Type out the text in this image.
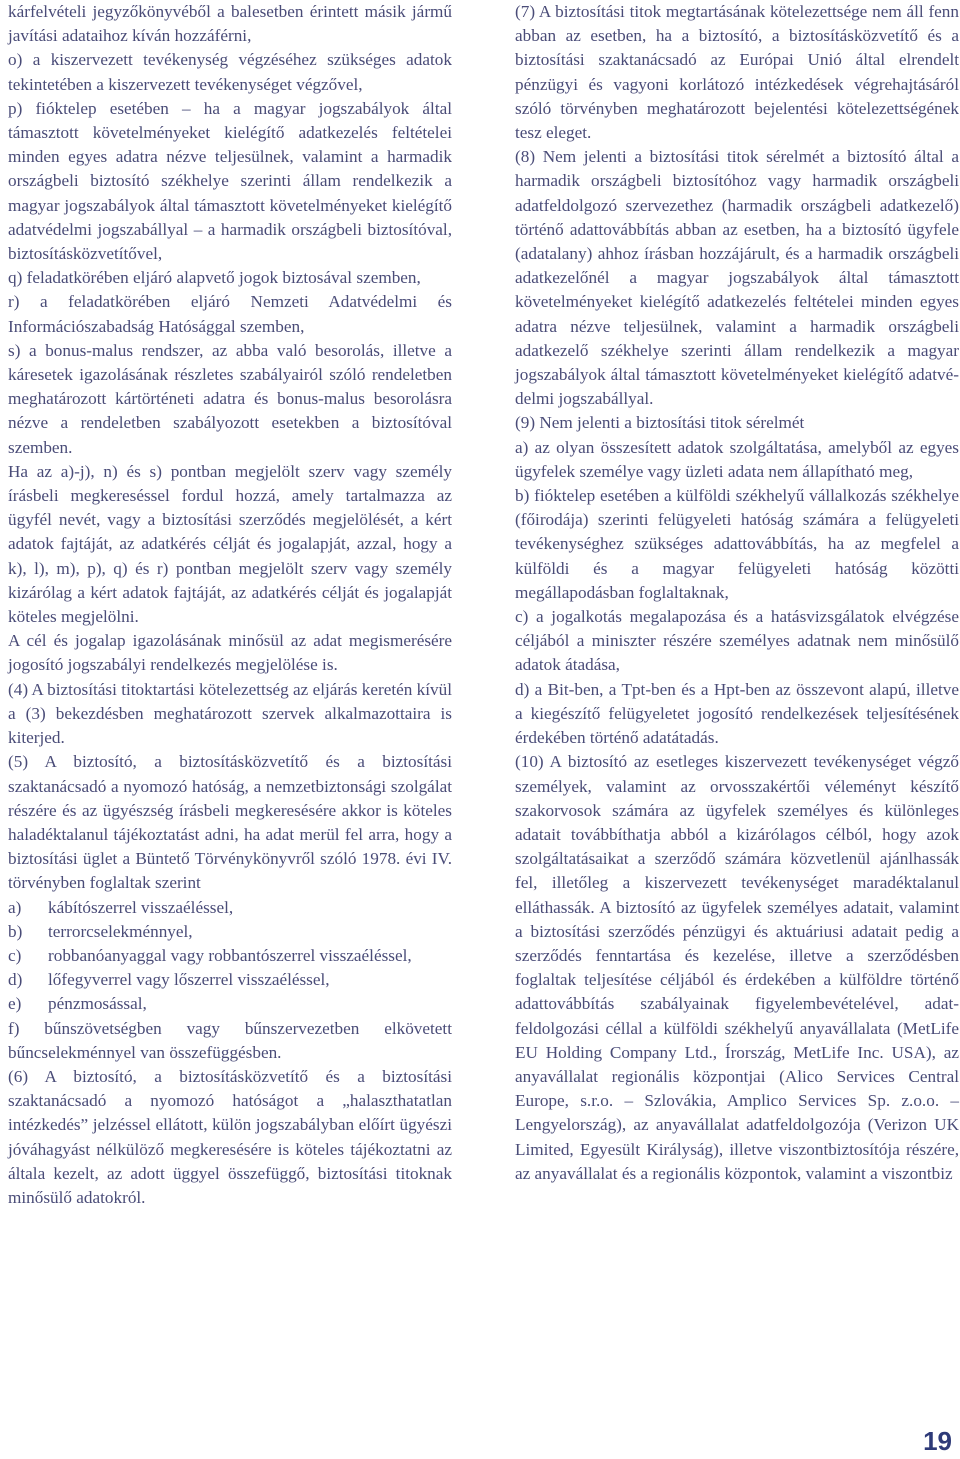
kárfelvételi jegyzőkönyvéből a balesetben érintett másik jármű javítási adataihoz kíván hozzáférni,

o) a kiszervezett tevékenység végzéséhez szükséges adatok tekintetében a kiszervezett tevékenységet végzővel,

p) fióktelep esetében – ha a magyar jogszabályok által támasztott követelményeket kielégítő adatkezelés feltételei minden egyes adatra nézve teljesülnek, valamint a harmadik országbeli biztosító székhelye szerinti állam rendelkezik a magyar jogszabályok által támasztott követelményeket kielégítő adatvédelmi jogszabállyal – a harmadik országbeli biztosítóval, biztosításközvetítővel,

q) feladatkörében eljáró alapvető jogok biztosával szemben,

r) a feladatkörében eljáró Nemzeti Adatvédelmi és Információszabadság Hatósággal szemben,

s) a bonus-malus rendszer, az abba való besorolás, illetve a káresetek igazolásának részletes szabályairól szóló rendeletben meghatározott kártörténeti adatra és bonus-malus besorolásra nézve a rendeletben szabályozott esetekben a biztosítóval szemben.

Ha az a)-j), n) és s) pontban megjelölt szerv vagy személy írásbeli megkereséssel fordul hozzá, amely tartalmazza az ügyfél nevét, vagy a biztosítási szerződés megjelölését, a kért adatok fajtáját, az adatkérés célját és jogalapját, azzal, hogy a k), l), m), p), q) és r) pontban megjelölt szerv vagy személy kizárólag a kért adatok fajtáját, az adatkérés célját és jogalapját köteles megjelölni.

A cél és jogalap igazolásának minősül az adat megismerésére jogosító jogszabályi rendelkezés megjelölése is.

(4) A biztosítási titoktartási kötelezettség az eljárás keretén kívül a (3) bekezdésben meghatározott szervek alkalmazottaira is kiterjed.

(5) A biztosító, a biztosításközvetítő és a biztosítási szaktanácsadó a nyomozó hatóság, a nemzetbiztonsági szolgálat részére és az ügyészség írásbeli megkeresésére akkor is köteles haladéktalanul tájékoztatást adni, ha adat merül fel arra, hogy a biztosítási üglet a Büntető Törvénykönyvről szóló 1978. évi IV. törvényben foglaltak szerint

a)	kábítószerrel visszaéléssel,
b)	terrorcselekménnyel,
c)	robbanóanyaggal vagy robbantószerrel visszaéléssel,
d)	lőfegyverrel vagy lőszerrel visszaéléssel,
e)	pénzmosással,

f) bűnszövetségben vagy bűnszervezetben elkövetett bűncselekménnyel van összefüggésben.

(6) A biztosító, a biztosításközvetítő és a biztosítási szaktanácsadó a nyomozó hatóságot a „halaszthatatlan intézkedés” jelzéssel ellátott, külön jogszabályban előírt ügyészi jóváhagyást nélkülöző megkeresésére is köteles tájékoztatni az általa kezelt, az adott üggyel összefüggő, biztosítási titoknak minősülő adatokról.

(7) A biztosítási titok megtartásának kötelezettsége nem áll fenn abban az esetben, ha a biztosító, a biztosításközvetítő és a biztosítási szaktanácsadó az Európai Unió által elrendelt pénzügyi és vagyoni korlátozó intézkedések végrehajtásáról szóló törvényben meghatározott bejelentési kötelezettségének tesz eleget.

(8) Nem jelenti a biztosítási titok sérelmét a biztosító által a harmadik országbeli biztosítóhoz vagy harmadik országbeli adatfeldolgozó szervezethez (harmadik országbeli adatkezelő) történő adattovábbítás abban az esetben, ha a biztosító ügyfele (adatalany) ahhoz írásban hozzájárult, és a harmadik országbeli adatkezelőnél a magyar jogszabályok által támasztott követelményeket kielégítő adatkezelés feltételei minden egyes adatra nézve teljesülnek, valamint a harmadik országbeli adatkezelő székhelye szerinti állam rendelkezik a magyar jogszabályok által támasztott követelményeket kielégítő adatvédelmi jogszabállyal.

(9) Nem jelenti a biztosítási titok sérelmét

a) az olyan összesített adatok szolgáltatása, amelyből az egyes ügyfelek személye vagy üzleti adata nem állapítható meg,

b) fióktelep esetében a külföldi székhelyű vállalkozás székhelye (főirodája) szerinti felügyeleti hatóság számára a felügyeleti tevékenységhez szükséges adattovábbítás, ha az megfelel a külföldi és a magyar felügyeleti hatóság közötti megállapodásban foglaltaknak,

c) a jogalkotás megalapozása és a hatásvizsgálatok elvégzése céljából a miniszter részére személyes adatnak nem minősülő adatok átadása,

d) a Bit-ben, a Tpt-ben és a Hpt-ben az összevont alapú, illetve a kiegészítő felügyeletet jogosító rendelkezések teljesítésének érdekében történő adatátadás.

(10) A biztosító az esetleges kiszervezett tevékenységet végző személyek, valamint az orvosszakértői véleményt készítő szakorvosok számára az ügyfelek személyes és különleges adatait továbbíthatja abból a kizárólagos célból, hogy azok szolgáltatásaikat a szerződő számára közvetlenül ajánlhassák fel, illetőleg a kiszervezett tevékenységet maradéktalanul elláthassák. A biztosító az ügyfelek személyes adatait, valamint a biztosítási szerződés pénzügyi és aktuáriusi adatait pedig a szerződés fenntartása és kezelése, illetve a szerződésben foglaltak teljesítése céljából és érdekében a külföldre történő adattovábbítás szabályainak figyelembevételével, adatfeldolgozási céllal a külföldi székhelyű anyavállalata (MetLife EU Holding Company Ltd., Írország, MetLife Inc. USA), az anyavállalat regionális központjai (Alico Services Central Europe, s.r.o. – Szlovákia, Amplico Services Sp. z.o.o. – Lengyelország), az anyavállalat adatfeldolgozója (Verizon UK Limited, Egyesült Királyság), illetve viszontbiztosítója részére, az anyavállalat és a regionális központok, valamint a viszontbiz

19
